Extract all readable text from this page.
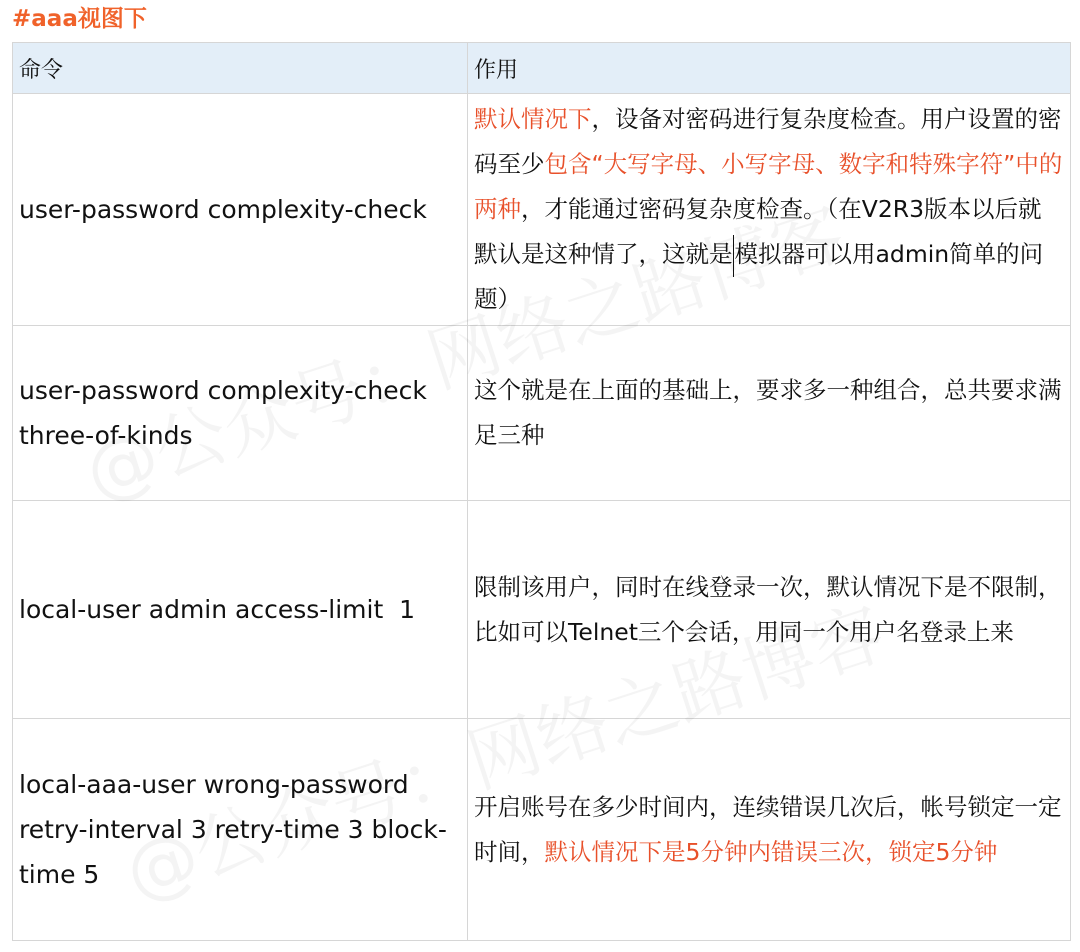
#aaa视图下
命令	作用
user-password complexity-check	默认情况下，设备对密码进行复杂度检查。用户设置的密码至少包含“大写字母、小写字母、数字和特殊字符”中的两种，才能通过密码复杂度检查。（在V2R3版本以后就默认是这种情了，这就是模拟器可以用admin简单的问题）
user-password complexity-check three-of-kinds	这个就是在上面的基础上，要求多一种组合，总共要求满足三种
local-user admin access-limit  1	限制该用户，同时在线登录一次，默认情况下是不限制，比如可以Telnet三个会话，用同一个用户名登录上来
local-aaa-user wrong-password retry-interval 3 retry-time 3 block-time 5	开启账号在多少时间内，连续错误几次后，帐号锁定一定时间，默认情况下是5分钟内错误三次，锁定5分钟
